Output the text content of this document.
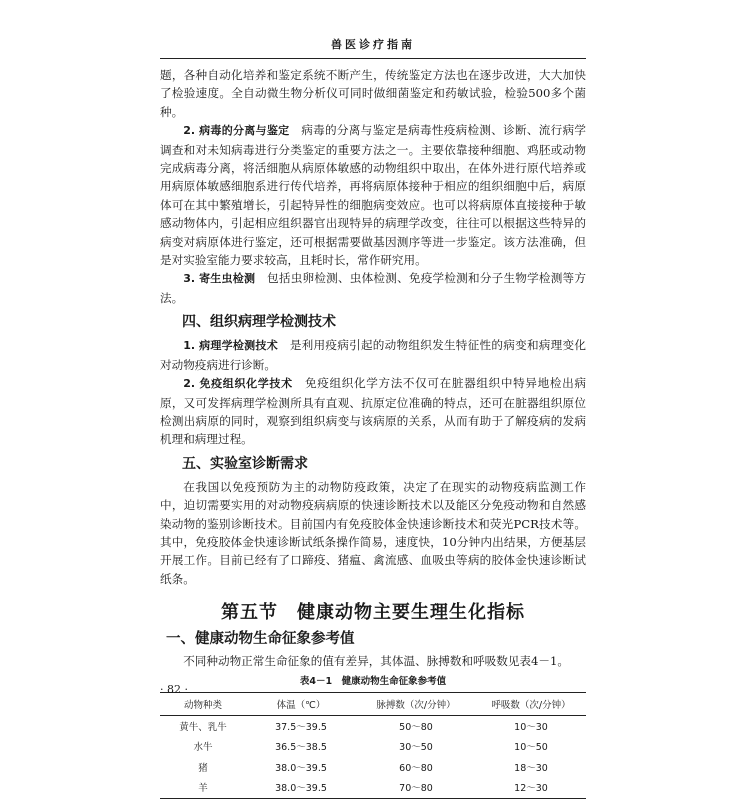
兽医诊疗指南

题，各种自动化培养和鉴定系统不断产生，传统鉴定方法也在逐步改进，大大加快了检验速度。全自动微生物分析仪可同时做细菌鉴定和药敏试验，检验500多个菌种。

2. 病毒的分离与鉴定　 病毒的分离与鉴定是病毒性疫病检测、诊断、流行病学调查和对未知病毒进行分类鉴定的重要方法之一。主要依靠接种细胞、鸡胚或动物完成病毒分离，将活细胞从病原体敏感的动物组织中取出，在体外进行原代培养或用病原体敏感细胞系进行传代培养，再将病原体接种于相应的组织细胞中后，病原体可在其中繁殖增长，引起特异性的细胞病变效应。也可以将病原体直接接种于敏感动物体内，引起相应组织器官出现特异的病理学改变，往往可以根据这些特异的病变对病原体进行鉴定，还可根据需要做基因测序等进一步鉴定。该方法准确，但是对实验室能力要求较高，且耗时长，常作研究用。

3. 寄生虫检测　 包括虫卵检测、虫体检测、免疫学检测和分子生物学检测等方法。

四、组织病理学检测技术

1. 病理学检测技术　 是利用疫病引起的动物组织发生特征性的病变和病理变化对动物疫病进行诊断。

2. 免疫组织化学技术　 免疫组织化学方法不仅可在脏器组织中特异地检出病原，又可发挥病理学检测所具有直观、抗原定位准确的特点，还可在脏器组织原位检测出病原的同时，观察到组织病变与该病原的关系，从而有助于了解疫病的发病机理和病理过程。

五、实验室诊断需求

在我国以免疫预防为主的动物防疫政策，决定了在现实的动物疫病监测工作中，迫切需要实用的对动物疫病病原的快速诊断技术以及能区分免疫动物和自然感染动物的鉴别诊断技术。目前国内有免疫胶体金快速诊断技术和荧光PCR技术等。其中，免疫胶体金快速诊断试纸条操作简易，速度快，10分钟内出结果，方便基层开展工作。目前已经有了口蹄疫、猪瘟、禽流感、血吸虫等病的胶体金快速诊断试纸条。

第五节　健康动物主要生理生化指标
一、健康动物生命征象参考值

不同种动物正常生命征象的值有差异，其体温、脉搏数和呼吸数见表4－1。

表4－1　健康动物生命征象参考值
动物种类	体温（℃）	脉搏数（次/分钟）	呼吸数（次/分钟）
黄牛、乳牛	37.5～39.5	50～80	10～30
水牛	36.5～38.5	30～50	10～50
猪	38.0～39.5	60～80	18～30
羊	38.0～39.5	70～80	12～30
· 82 ·
